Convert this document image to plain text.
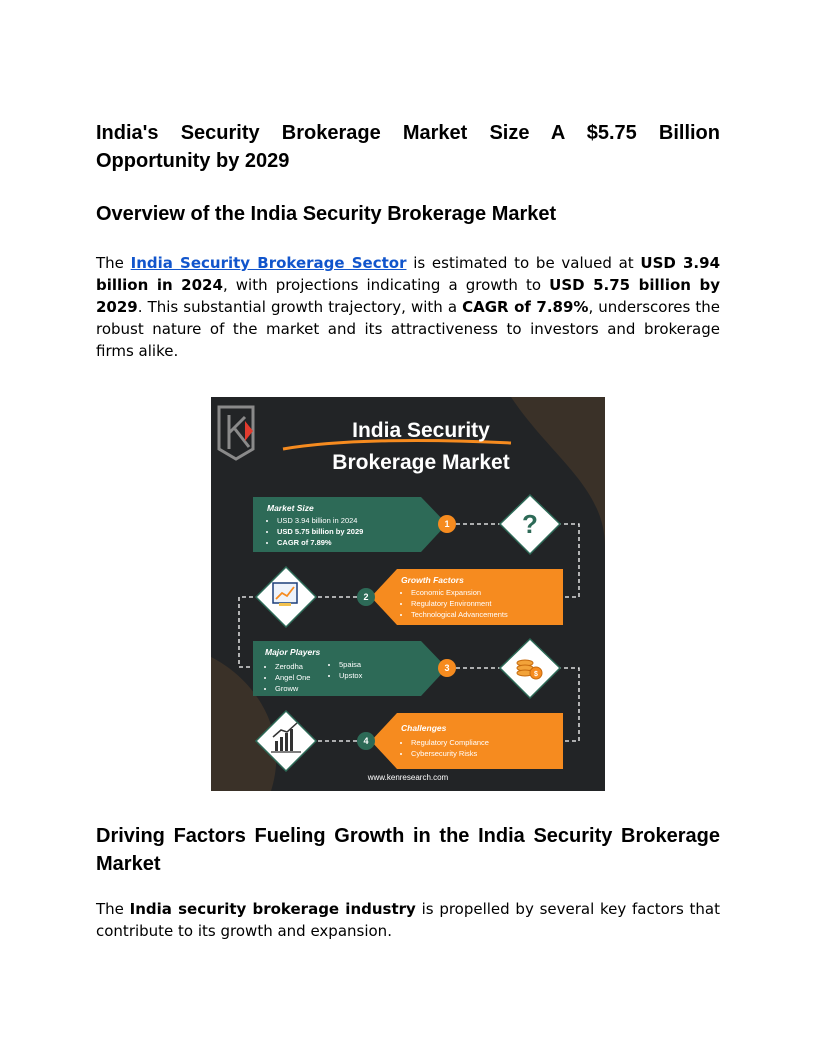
India's Security Brokerage Market Size A $5.75 Billion Opportunity by 2029
Overview of the India Security Brokerage Market

The India Security Brokerage Sector is estimated to be valued at USD 3.94 billion in 2024, with projections indicating a growth to USD 5.75 billion by 2029. This substantial growth trajectory, with a CAGR of 7.89%, underscores the robust nature of the market and its attractiveness to investors and brokerage firms alike.

?
$
India Security
Brokerage Market
Market Size
• USD 3.94 billion in 2024
• USD 5.75 billion by 2029
• CAGR of 7.89%
1
Growth Factors
• Economic Expansion
• Regulatory Environment
• Technological Advancements
2
Major Players
• Zerodha
• Angel One
• Groww
• 5paisa
• Upstox
3
Challenges
• Regulatory Compliance
• Cybersecurity Risks
4
www.kenresearch.com
Driving Factors Fueling Growth in the India Security Brokerage Market

The India security brokerage industry is propelled by several key factors that contribute to its growth and expansion.
